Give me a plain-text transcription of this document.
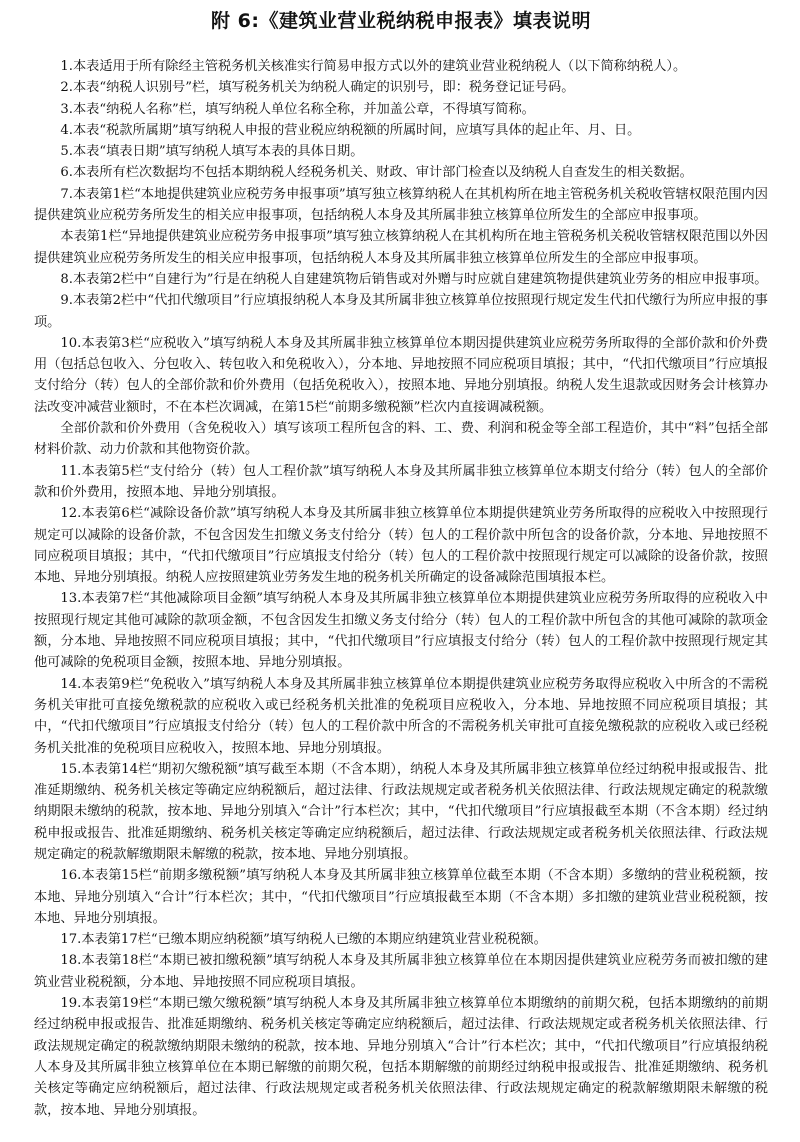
附 6:《建筑业营业税纳税申报表》填表说明

1.本表适用于所有除经主管税务机关核准实行简易申报方式以外的建筑业营业税纳税人（以下简称纳税人）。

2.本表“纳税人识别号”栏，填写税务机关为纳税人确定的识别号，即：税务登记证号码。

3.本表“纳税人名称”栏，填写纳税人单位名称全称，并加盖公章，不得填写简称。

4.本表“税款所属期”填写纳税人申报的营业税应纳税额的所属时间，应填写具体的起止年、月、日。

5.本表“填表日期”填写纳税人填写本表的具体日期。

6.本表所有栏次数据均不包括本期纳税人经税务机关、财政、审计部门检查以及纳税人自查发生的相关数据。

7.本表第1栏“本地提供建筑业应税劳务申报事项”填写独立核算纳税人在其机构所在地主管税务机关税收管辖权限范围内因提供建筑业应税劳务所发生的相关应申报事项，包括纳税人本身及其所属非独立核算单位所发生的全部应申报事项。

本表第1栏“异地提供建筑业应税劳务申报事项”填写独立核算纳税人在其机构所在地主管税务机关税收管辖权限范围以外因提供建筑业应税劳务所发生的相关应申报事项，包括纳税人本身及其所属非独立核算单位所发生的全部应申报事项。

8.本表第2栏中“自建行为”行是在纳税人自建建筑物后销售或对外赠与时应就自建建筑物提供建筑业劳务的相应申报事项。

9.本表第2栏中“代扣代缴项目”行应填报纳税人本身及其所属非独立核算单位按照现行规定发生代扣代缴行为所应申报的事项。

10.本表第3栏“应税收入”填写纳税人本身及其所属非独立核算单位本期因提供建筑业应税劳务所取得的全部价款和价外费用（包括总包收入、分包收入、转包收入和免税收入），分本地、异地按照不同应税项目填报；其中，“代扣代缴项目”行应填报支付给分（转）包人的全部价款和价外费用（包括免税收入），按照本地、异地分别填报。纳税人发生退款或因财务会计核算办法改变冲减营业额时，不在本栏次调减，在第15栏“前期多缴税额”栏次内直接调减税额。

全部价款和价外费用（含免税收入）填写该项工程所包含的料、工、费、利润和税金等全部工程造价，其中“料”包括全部材料价款、动力价款和其他物资价款。

11.本表第5栏“支付给分（转）包人工程价款”填写纳税人本身及其所属非独立核算单位本期支付给分（转）包人的全部价款和价外费用，按照本地、异地分别填报。

12.本表第6栏“减除设备价款”填写纳税人本身及其所属非独立核算单位本期提供建筑业劳务所取得的应税收入中按照现行规定可以减除的设备价款，不包含因发生扣缴义务支付给分（转）包人的工程价款中所包含的设备价款，分本地、异地按照不同应税项目填报；其中，“代扣代缴项目”行应填报支付给分（转）包人的工程价款中按照现行规定可以减除的设备价款，按照本地、异地分别填报。纳税人应按照建筑业劳务发生地的税务机关所确定的设备减除范围填报本栏。

13.本表第7栏“其他减除项目金额”填写纳税人本身及其所属非独立核算单位本期提供建筑业应税劳务所取得的应税收入中按照现行规定其他可减除的款项金额，不包含因发生扣缴义务支付给分（转）包人的工程价款中所包含的其他可减除的款项金额，分本地、异地按照不同应税项目填报；其中，“代扣代缴项目”行应填报支付给分（转）包人的工程价款中按照现行规定其他可减除的免税项目金额，按照本地、异地分别填报。

14.本表第9栏“免税收入”填写纳税人本身及其所属非独立核算单位本期提供建筑业应税劳务取得应税收入中所含的不需税务机关审批可直接免缴税款的应税收入或已经税务机关批准的免税项目应税收入，分本地、异地按照不同应税项目填报；其中，“代扣代缴项目”行应填报支付给分（转）包人的工程价款中所含的不需税务机关审批可直接免缴税款的应税收入或已经税务机关批准的免税项目应税收入，按照本地、异地分别填报。

15.本表第14栏“期初欠缴税额”填写截至本期（不含本期），纳税人本身及其所属非独立核算单位经过纳税申报或报告、批准延期缴纳、税务机关核定等确定应纳税额后，超过法律、行政法规规定或者税务机关依照法律、行政法规规定确定的税款缴纳期限未缴纳的税款，按本地、异地分别填入“合计”行本栏次；其中，“代扣代缴项目”行应填报截至本期（不含本期）经过纳税申报或报告、批准延期缴纳、税务机关核定等确定应纳税额后，超过法律、行政法规规定或者税务机关依照法律、行政法规规定确定的税款解缴期限未解缴的税款，按本地、异地分别填报。

16.本表第15栏“前期多缴税额”填写纳税人本身及其所属非独立核算单位截至本期（不含本期）多缴纳的营业税税额，按本地、异地分别填入“合计”行本栏次；其中，“代扣代缴项目”行应填报截至本期（不含本期）多扣缴的建筑业营业税税额，按本地、异地分别填报。

17.本表第17栏“已缴本期应纳税额”填写纳税人已缴的本期应纳建筑业营业税税额。

18.本表第18栏“本期已被扣缴税额”填写纳税人本身及其所属非独立核算单位在本期因提供建筑业应税劳务而被扣缴的建筑业营业税税额，分本地、异地按照不同应税项目填报。

19.本表第19栏“本期已缴欠缴税额”填写纳税人本身及其所属非独立核算单位本期缴纳的前期欠税，包括本期缴纳的前期经过纳税申报或报告、批准延期缴纳、税务机关核定等确定应纳税额后，超过法律、行政法规规定或者税务机关依照法律、行政法规规定确定的税款缴纳期限未缴纳的税款，按本地、异地分别填入“合计”行本栏次；其中，“代扣代缴项目”行应填报纳税人本身及其所属非独立核算单位在本期已解缴的前期欠税，包括本期解缴的前期经过纳税申报或报告、批准延期缴纳、税务机关核定等确定应纳税额后，超过法律、行政法规规定或者税务机关依照法律、行政法规规定确定的税款解缴期限未解缴的税款，按本地、异地分别填报。
